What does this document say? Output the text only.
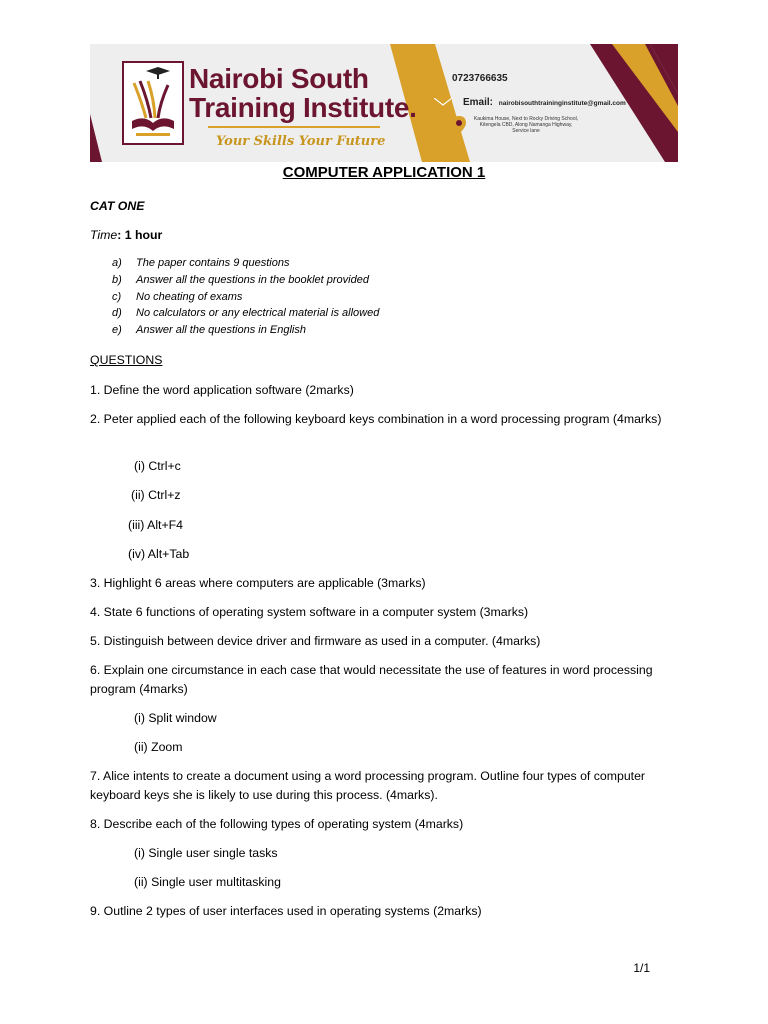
Nairobi South
Training Institute.
Your Skills Your Future
0723766635
Email: nairobisouthtraininginstitute@gmail.com
Kaukima House, Next to Rocky Driving School,
Kitengela CBD, Along Namanga Highway,
Service lane
COMPUTER APPLICATION 1
CAT ONE
Time: 1 hour
a)	The paper contains 9 questions
b)	Answer all the questions in the booklet provided
c)	No cheating of exams
d)	No calculators or any electrical material is allowed
e)	Answer all the questions in English
QUESTIONS
1. Define the word application software (2marks)
2. Peter applied each of the following keyboard keys combination in a word processing program (4marks)
(i) Ctrl+c
(ii) Ctrl+z
(iii) Alt+F4
(iv) Alt+Tab
3. Highlight 6 areas where computers are applicable (3marks)
4. State 6 functions of operating system software in a computer system (3marks)
5. Distinguish between device driver and firmware as used in a computer. (4marks)
6. Explain one circumstance in each case that would necessitate the use of features in word processing program (4marks)
(i) Split window
(ii) Zoom
7. Alice intents to create a document using a word processing program. Outline four types of computer keyboard keys she is likely to use during this process. (4marks).
8. Describe each of the following types of operating system (4marks)
(i) Single user single tasks
(ii) Single user multitasking
9. Outline 2 types of user interfaces used in operating systems (2marks)
1/1
